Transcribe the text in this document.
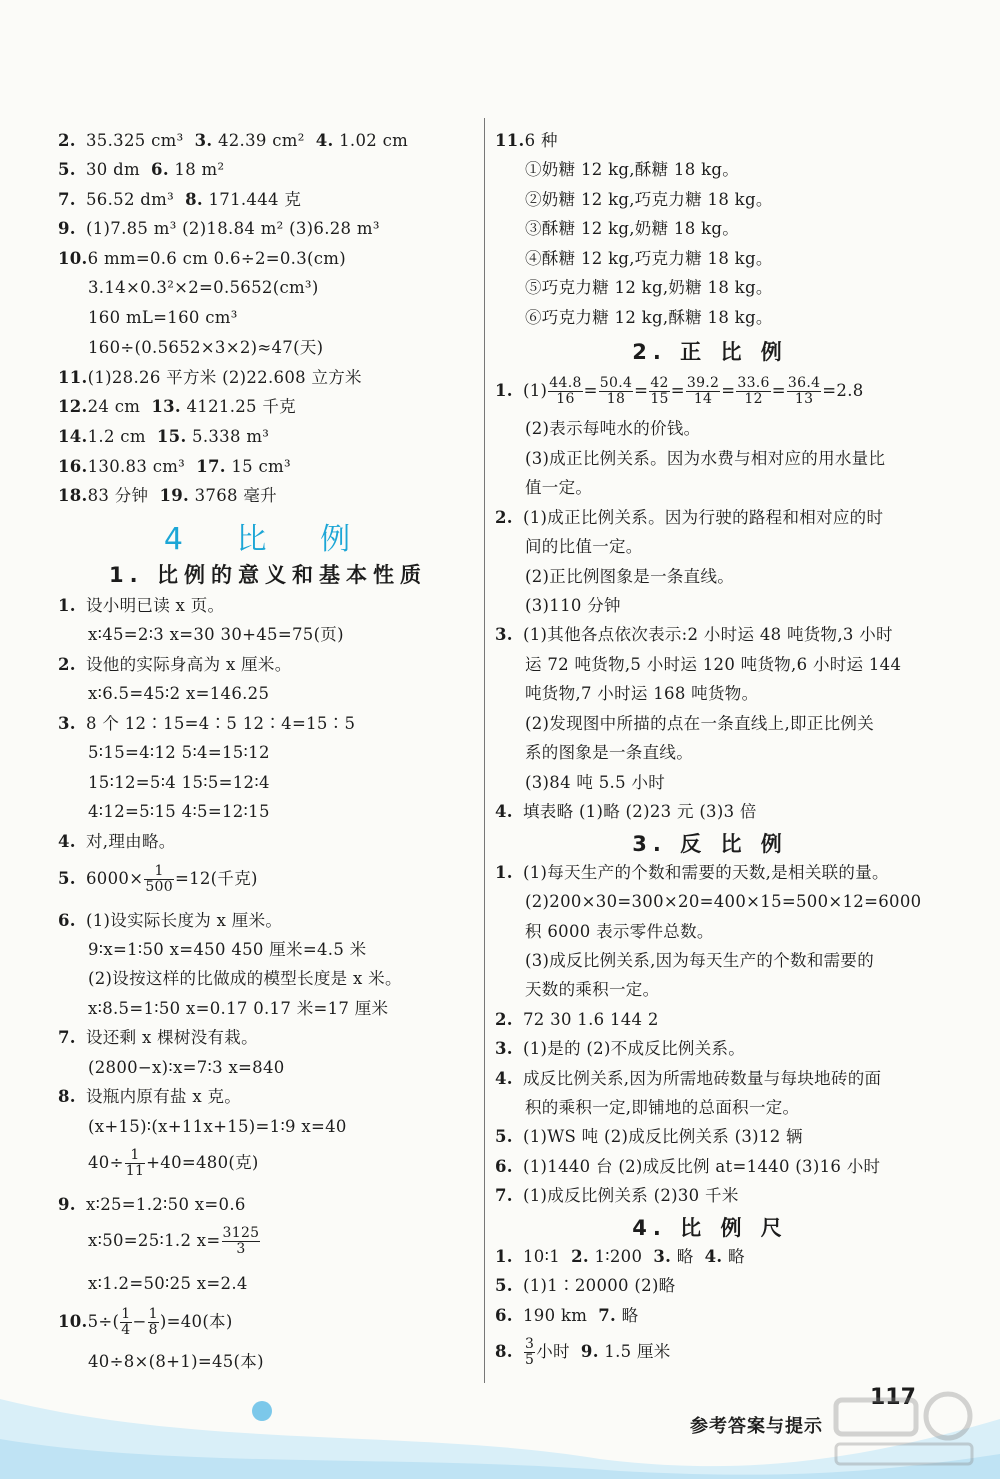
2. 35.325 cm³ 3. 42.39 cm² 4. 1.02 cm
5. 30 dm 6. 18 m²
7. 56.52 dm³ 8. 171.444 克
9. (1)7.85 m³ (2)18.84 m² (3)6.28 m³
10.6 mm=0.6 cm 0.6÷2=0.3(cm)
3.14×0.3²×2=0.5652(cm³)
160 mL=160 cm³
160÷(0.5652×3×2)≈47(天)
11.(1)28.26 平方米 (2)22.608 立方米
12.24 cm 13. 4121.25 千克
14.1.2 cm 15. 5.338 m³
16.130.83 cm³ 17. 15 cm³
18.83 分钟 19. 3768 毫升
4 比 例
1. 比例的意义和基本性质
1. 设小明已读 x 页。
x∶45=2∶3 x=30 30+45=75(页)
2. 设他的实际身高为 x 厘米。
x∶6.5=45∶2 x=146.25
3. 8 个 12∶15=4∶5 12∶4=15∶5
5∶15=4∶12 5∶4=15∶12
15∶12=5∶4 15∶5=12∶4
4∶12=5∶15 4∶5=12∶15
4. 对,理由略。
5. $6000\times \frac{1}{500} =12$(千克)
6. (1)设实际长度为 x 厘米。
9∶x=1∶50 x=450 450 厘米=4.5 米
(2)设按这样的比做成的模型长度是 x 米。
x∶8.5=1∶50 x=0.17 0.17 米=17 厘米
7. 设还剩 x 棵树没有栽。
(2800−x)∶x=7∶3 x=840
8. 设瓶内原有盐 x 克。
(x+15)∶(x+11x+15)=1∶9 x=40
$40\div \frac{1}{11} +40=480$(克)
9. x∶25=1.2∶50 x=0.6
x∶50=25∶1.2 $x= \frac{3125}{3}$
x∶1.2=50∶25 x=2.4
$10.5\div( \frac{1}{4} - \frac{1}{8} )=40$(本)
40÷8×(8+1)=45(本)
11.6 种
①奶糖 12 kg,酥糖 18 kg。
②奶糖 12 kg,巧克力糖 18 kg。
③酥糖 12 kg,奶糖 18 kg。
④酥糖 12 kg,巧克力糖 18 kg。
⑤巧克力糖 12 kg,奶糖 18 kg。
⑥巧克力糖 12 kg,酥糖 18 kg。
2. 正 比 例
1. $(1) \frac{44.8}{16} = \frac{50.4}{18} = \frac{42}{15} = \frac{39.2}{14} = \frac{33.6}{12} = \frac{36.4}{13} =2.8$
(2)表示每吨水的价钱。
(3)成正比例关系。因为水费与相对应的用水量比
值一定。
2. (1)成正比例关系。因为行驶的路程和相对应的时
间的比值一定。
(2)正比例图象是一条直线。
(3)110 分钟
3. (1)其他各点依次表示:2 小时运 48 吨货物,3 小时
运 72 吨货物,5 小时运 120 吨货物,6 小时运 144
吨货物,7 小时运 168 吨货物。
(2)发现图中所描的点在一条直线上,即正比例关
系的图象是一条直线。
(3)84 吨 5.5 小时
4. 填表略 (1)略 (2)23 元 (3)3 倍
3. 反 比 例
1. (1)每天生产的个数和需要的天数,是相关联的量。
(2)200×30=300×20=400×15=500×12=6000
积 6000 表示零件总数。
(3)成反比例关系,因为每天生产的个数和需要的
天数的乘积一定。
2. 72 30 1.6 144 2
3. (1)是的 (2)不成反比例关系。
4. 成反比例关系,因为所需地砖数量与每块地砖的面
积的乘积一定,即铺地的总面积一定。
5. (1)WS 吨 (2)成反比例关系 (3)12 辆
6. (1)1440 台 (2)成反比例 at=1440 (3)16 小时
7. (1)成反比例关系 (2)30 千米
4. 比 例 尺
1. 10∶1 2. 1∶200 3. 略 4. 略
5. (1)1∶20000 (2)略
6. 190 km 7. 略
8. $\frac{3}{5}$ 小时 9. 1.5 厘米
117
参考答案与提示
